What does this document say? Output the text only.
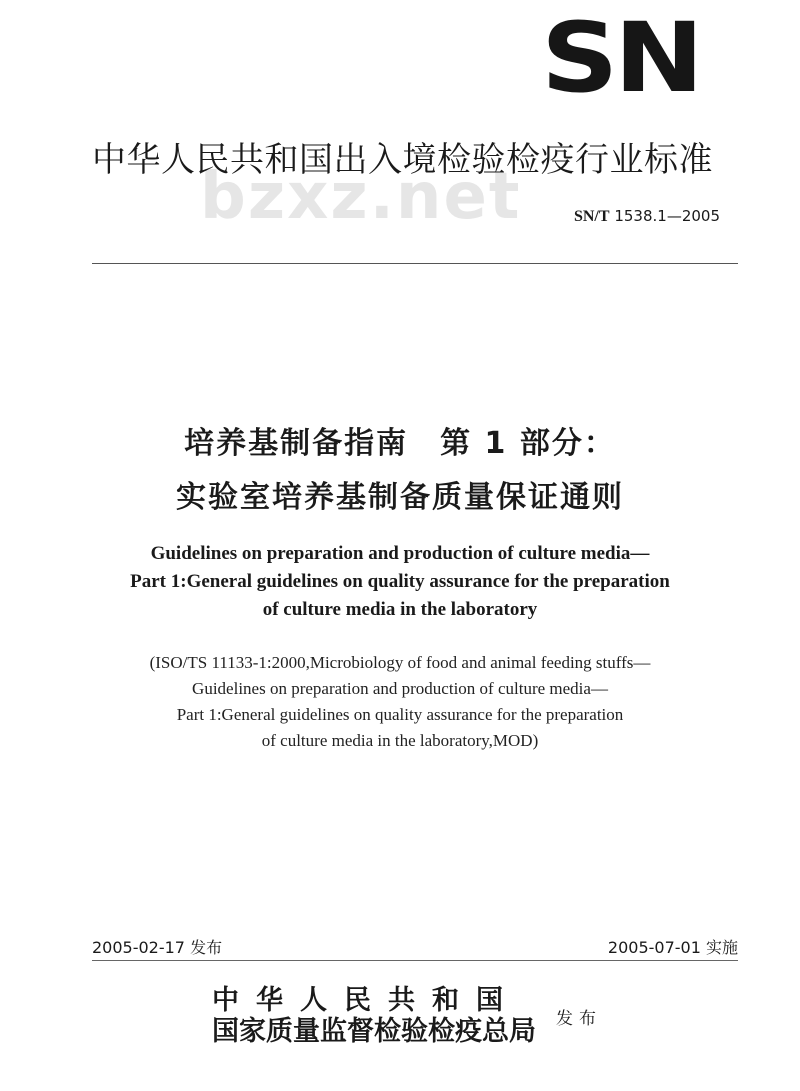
SN
bzxz.net
中华人民共和国出入境检验检疫行业标准
SN/T 1538.1—2005
培养基制备指南　第 1 部分：
实验室培养基制备质量保证通则
Guidelines on preparation and production of culture media—
Part 1:General guidelines on quality assurance for the preparation
of culture media in the laboratory
(ISO/TS 11133-1:2000,Microbiology of food and animal feeding stuffs—
Guidelines on preparation and production of culture media—
Part 1:General guidelines on quality assurance for the preparation
of culture media in the laboratory,MOD)
2005-02-17 发布	2005-07-01 实施
中华人民共和国
国家质量监督检验检疫总局 发布
